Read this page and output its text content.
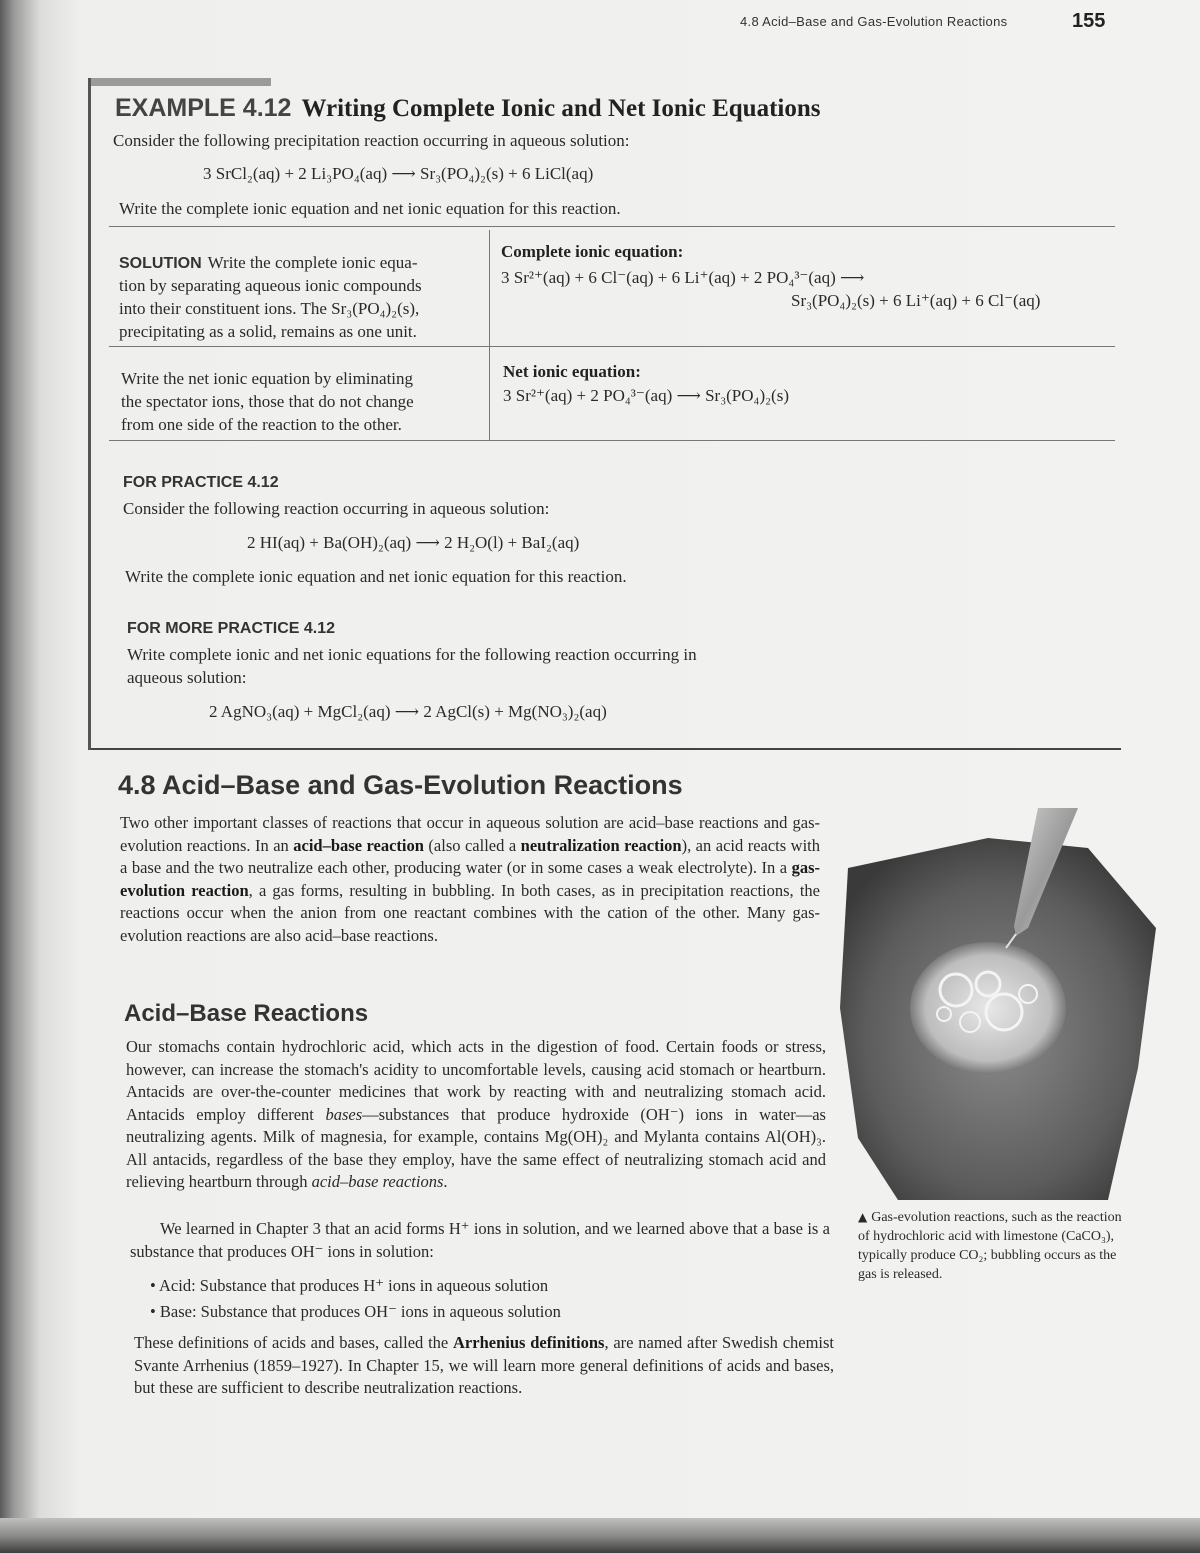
4.8 Acid–Base and Gas-Evolution Reactions	155
EXAMPLE 4.12 Writing Complete Ionic and Net Ionic Equations
Consider the following precipitation reaction occurring in aqueous solution:
3 SrCl₂(aq) + 2 Li₃PO₄(aq) ⟶ Sr₃(PO₄)₂(s) + 6 LiCl(aq)
Write the complete ionic equation and net ionic equation for this reaction.
SOLUTION Write the complete ionic equa-
tion by separating aqueous ionic compounds
into their constituent ions. The Sr₃(PO₄)₂(s),
precipitating as a solid, remains as one unit.
Complete ionic equation:
3 Sr²⁺(aq) + 6 Cl⁻(aq) + 6 Li⁺(aq) + 2 PO₄³⁻(aq) ⟶
Sr₃(PO₄)₂(s) + 6 Li⁺(aq) + 6 Cl⁻(aq)
Write the net ionic equation by eliminating
the spectator ions, those that do not change
from one side of the reaction to the other.
Net ionic equation:
3 Sr²⁺(aq) + 2 PO₄³⁻(aq) ⟶ Sr₃(PO₄)₂(s)
FOR PRACTICE 4.12
Consider the following reaction occurring in aqueous solution:
2 HI(aq) + Ba(OH)₂(aq) ⟶ 2 H₂O(l) + BaI₂(aq)
Write the complete ionic equation and net ionic equation for this reaction.
FOR MORE PRACTICE 4.12
Write complete ionic and net ionic equations for the following reaction occurring in
aqueous solution:
2 AgNO₃(aq) + MgCl₂(aq) ⟶ 2 AgCl(s) + Mg(NO₃)₂(aq)
4.8 Acid–Base and Gas-Evolution Reactions
Two other important classes of reactions that occur in aqueous solution are acid–base reactions and gas-evolution reactions. In an acid–base reaction (also called a neutralization reaction), an acid reacts with a base and the two neutralize each other, producing water (or in some cases a weak electrolyte). In a gas-evolution reaction, a gas forms, resulting in bubbling. In both cases, as in precipitation reactions, the reactions occur when the anion from one reactant combines with the cation of the other. Many gas-evolution reactions are also acid–base reactions.
Acid–Base Reactions
Our stomachs contain hydrochloric acid, which acts in the digestion of food. Certain foods or stress, however, can increase the stomach's acidity to uncomfortable levels, causing acid stomach or heartburn. Antacids are over-the-counter medicines that work by reacting with and neutralizing stomach acid. Antacids employ different bases—substances that produce hydroxide (OH⁻) ions in water—as neutralizing agents. Milk of magnesia, for example, contains Mg(OH)₂ and Mylanta contains Al(OH)₃. All antacids, regardless of the base they employ, have the same effect of neutralizing stomach acid and relieving heartburn through acid–base reactions.
We learned in Chapter 3 that an acid forms H⁺ ions in solution, and we learned above that a base is a substance that produces OH⁻ ions in solution:
• Acid: Substance that produces H⁺ ions in aqueous solution
• Base: Substance that produces OH⁻ ions in aqueous solution
These definitions of acids and bases, called the Arrhenius definitions, are named after Swedish chemist Svante Arrhenius (1859–1927). In Chapter 15, we will learn more general definitions of acids and bases, but these are sufficient to describe neutralization reactions.
▲ Gas-evolution reactions, such as the reaction of hydrochloric acid with limestone (CaCO₃), typically produce CO₂; bubbling occurs as the gas is released.
